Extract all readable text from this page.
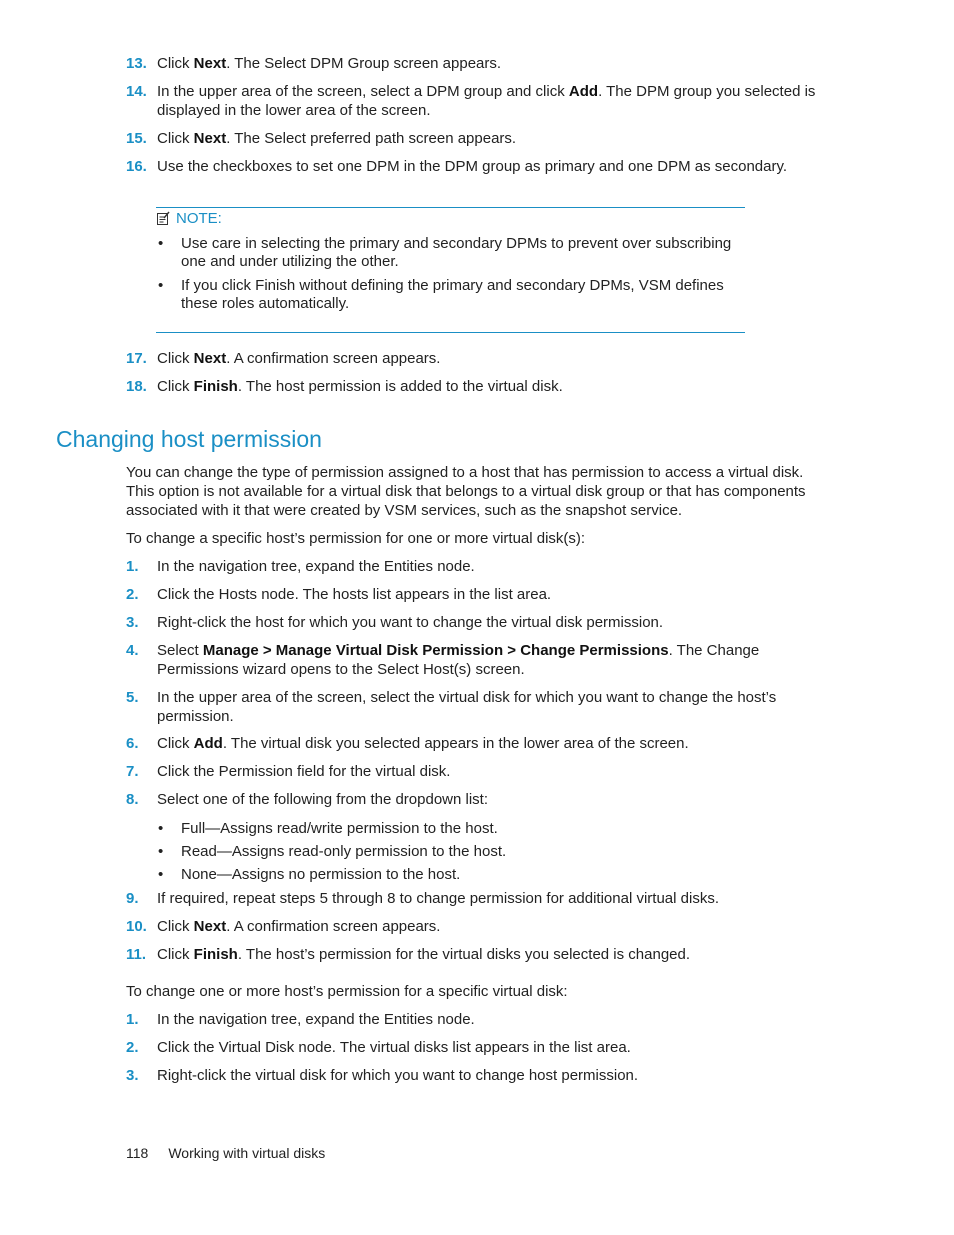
13. Click Next. The Select DPM Group screen appears.
14. In the upper area of the screen, select a DPM group and click Add. The DPM group you selected is displayed in the lower area of the screen.
15. Click Next. The Select preferred path screen appears.
16. Use the checkboxes to set one DPM in the DPM group as primary and one DPM as secondary.
NOTE:
• Use care in selecting the primary and secondary DPMs to prevent over subscribing one and under utilizing the other.
• If you click Finish without defining the primary and secondary DPMs, VSM defines these roles automatically.
17. Click Next. A confirmation screen appears.
18. Click Finish. The host permission is added to the virtual disk.
Changing host permission
You can change the type of permission assigned to a host that has permission to access a virtual disk. This option is not available for a virtual disk that belongs to a virtual disk group or that has components associated with it that were created by VSM services, such as the snapshot service.
To change a specific host’s permission for one or more virtual disk(s):
1.	In the navigation tree, expand the Entities node.
2.	Click the Hosts node. The hosts list appears in the list area.
3.	Right-click the host for which you want to change the virtual disk permission.
4.	Select Manage > Manage Virtual Disk Permission > Change Permissions. The Change Permissions wizard opens to the Select Host(s) screen.
5.	In the upper area of the screen, select the virtual disk for which you want to change the host’s permission.
6.	Click Add. The virtual disk you selected appears in the lower area of the screen.
7.	Click the Permission field for the virtual disk.
8.	Select one of the following from the dropdown list:
• Full—Assigns read/write permission to the host.
• Read—Assigns read-only permission to the host.
• None—Assigns no permission to the host.
9.	If required, repeat steps 5 through 8 to change permission for additional virtual disks.
10. Click Next. A confirmation screen appears.
11. Click Finish. The host’s permission for the virtual disks you selected is changed.
To change one or more host’s permission for a specific virtual disk:
1.	In the navigation tree, expand the Entities node.
2.	Click the Virtual Disk node. The virtual disks list appears in the list area.
3.	Right-click the virtual disk for which you want to change host permission.
118 Working with virtual disks
